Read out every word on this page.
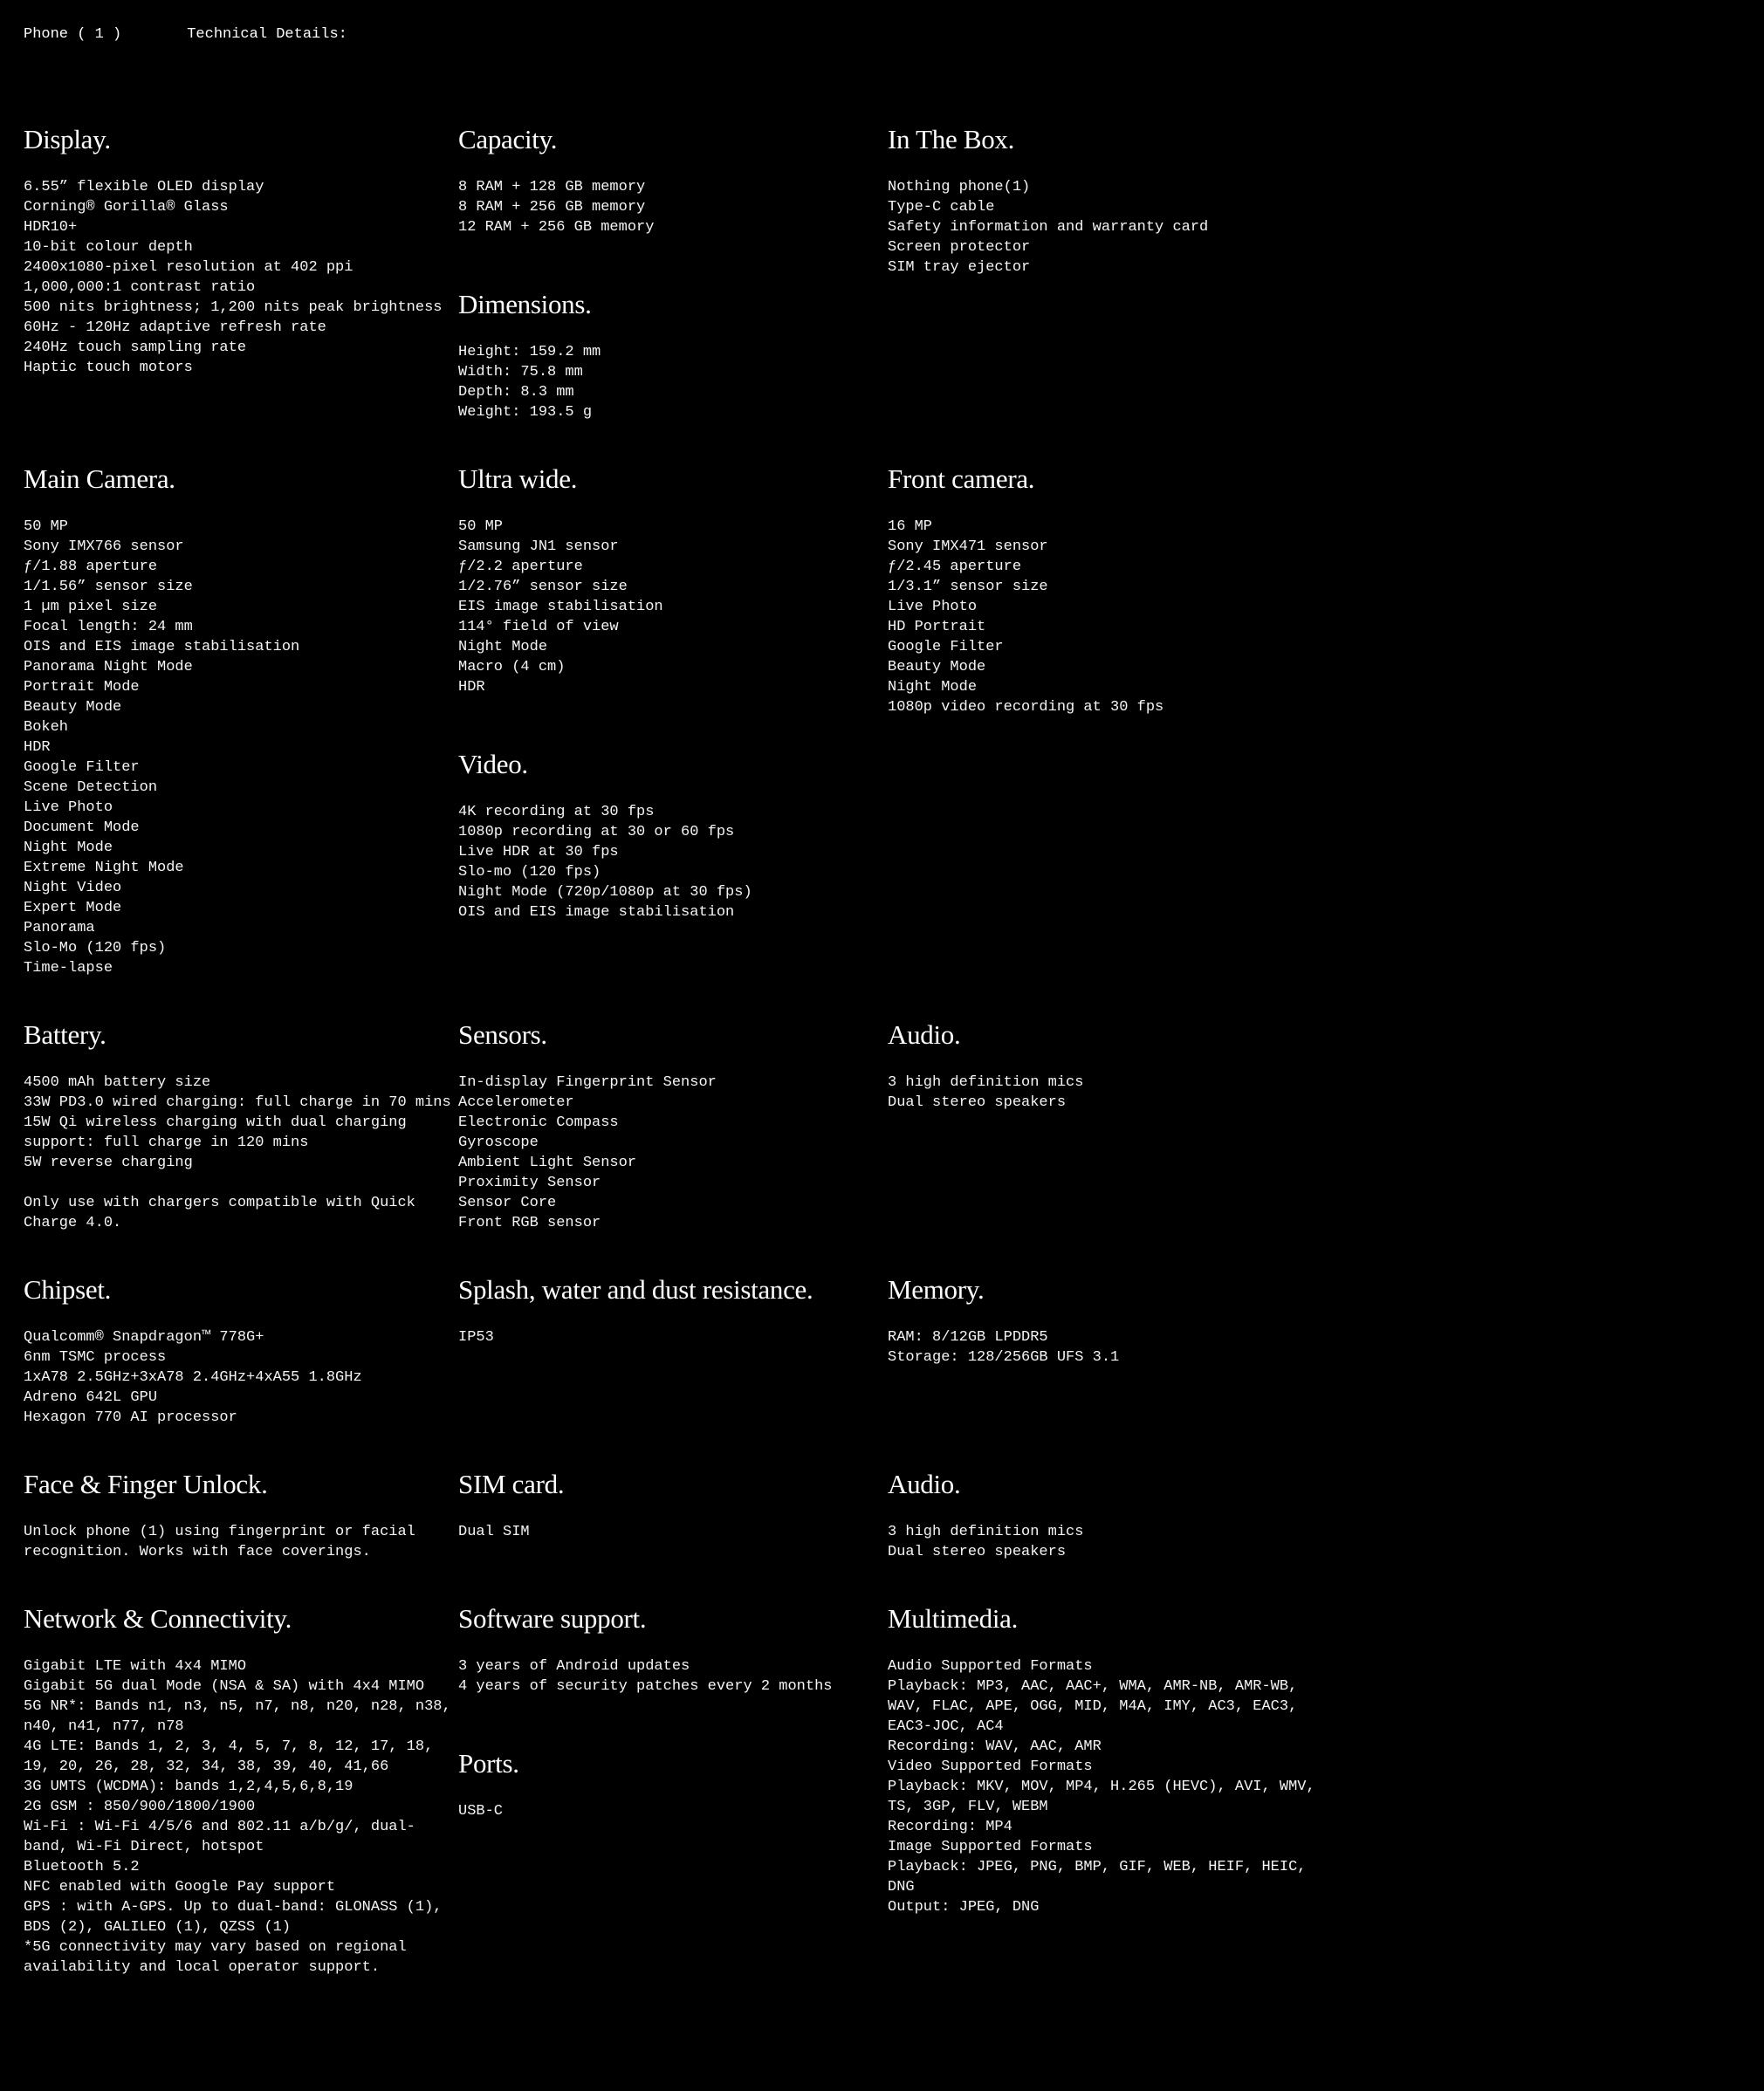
Phone ( 1 )	Technical Details:
Display.
6.55” flexible OLED display
Corning® Gorilla® Glass
HDR10+
10-bit colour depth
2400x1080-pixel resolution at 402 ppi
1,000,000:1 contrast ratio
500 nits brightness; 1,200 nits peak brightness
60Hz - 120Hz adaptive refresh rate
240Hz touch sampling rate
Haptic touch motors
Capacity.
8 RAM + 128 GB memory
8 RAM + 256 GB memory
12 RAM + 256 GB memory
Dimensions.
Height: 159.2 mm
Width: 75.8 mm
Depth: 8.3 mm
Weight: 193.5 g
In The Box.
Nothing phone(1)
Type-C cable
Safety information and warranty card
Screen protector
SIM tray ejector
Main Camera.
50 MP
Sony IMX766 sensor
ƒ/1.88 aperture
1/1.56” sensor size
1 µm pixel size
Focal length: 24 mm
OIS and EIS image stabilisation
Panorama Night Mode
Portrait Mode
Beauty Mode
Bokeh
HDR
Google Filter
Scene Detection
Live Photo
Document Mode
Night Mode
Extreme Night Mode
Night Video
Expert Mode
Panorama
Slo-Mo (120 fps)
Time-lapse
Ultra wide.
50 MP
Samsung JN1 sensor
ƒ/2.2 aperture
1/2.76” sensor size
EIS image stabilisation
114° field of view
Night Mode
Macro (4 cm)
HDR
Video.
4K recording at 30 fps
1080p recording at 30 or 60 fps
Live HDR at 30 fps
Slo-mo (120 fps)
Night Mode (720p/1080p at 30 fps)
OIS and EIS image stabilisation
Front camera.
16 MP
Sony IMX471 sensor
ƒ/2.45 aperture
1/3.1” sensor size
Live Photo
HD Portrait
Google Filter
Beauty Mode
Night Mode
1080p video recording at 30 fps
Battery.
4500 mAh battery size
33W PD3.0 wired charging: full charge in 70 mins
15W Qi wireless charging with dual charging support: full charge in 120 mins
5W reverse charging

Only use with chargers compatible with Quick Charge 4.0.
Sensors.
In-display Fingerprint Sensor
Accelerometer
Electronic Compass
Gyroscope
Ambient Light Sensor
Proximity Sensor
Sensor Core
Front RGB sensor
Audio.
3 high definition mics
Dual stereo speakers
Chipset.
Qualcomm® Snapdragon™ 778G+
6nm TSMC process
1xA78 2.5GHz+3xA78 2.4GHz+4xA55 1.8GHz
Adreno 642L GPU
Hexagon 770 AI processor
Splash, water and dust resistance.
IP53
Memory.
RAM: 8/12GB LPDDR5
Storage: 128/256GB UFS 3.1
Face & Finger Unlock.
Unlock phone (1) using fingerprint or facial recognition. Works with face coverings.
SIM card.
Dual SIM
Audio.
3 high definition mics
Dual stereo speakers
Network & Connectivity.
Gigabit LTE with 4x4 MIMO
Gigabit 5G dual Mode (NSA & SA) with 4x4 MIMO
5G NR*: Bands n1, n3, n5, n7, n8, n20, n28, n38, n40, n41, n77, n78
4G LTE: Bands 1, 2, 3, 4, 5, 7, 8, 12, 17, 18, 19, 20, 26, 28, 32, 34, 38, 39, 40, 41,66
3G UMTS (WCDMA): bands 1,2,4,5,6,8,19
2G GSM : 850/900/1800/1900
Wi-Fi : Wi-Fi 4/5/6 and 802.11 a/b/g/, dual-band, Wi-Fi Direct, hotspot
Bluetooth 5.2
NFC enabled with Google Pay support
GPS : with A-GPS. Up to dual-band: GLONASS (1), BDS (2), GALILEO (1), QZSS (1)
*5G connectivity may vary based on regional availability and local operator support.
Software support.
3 years of Android updates
4 years of security patches every 2 months
Ports.
USB-C
Multimedia.
Audio Supported Formats
Playback: MP3, AAC, AAC+, WMA, AMR-NB, AMR-WB, WAV, FLAC, APE, OGG, MID, M4A, IMY, AC3, EAC3, EAC3-JOC, AC4
Recording: WAV, AAC, AMR
Video Supported Formats
Playback: MKV, MOV, MP4, H.265 (HEVC), AVI, WMV, TS, 3GP, FLV, WEBM
Recording: MP4
Image Supported Formats
Playback: JPEG, PNG, BMP, GIF, WEB, HEIF, HEIC, DNG
Output: JPEG, DNG
